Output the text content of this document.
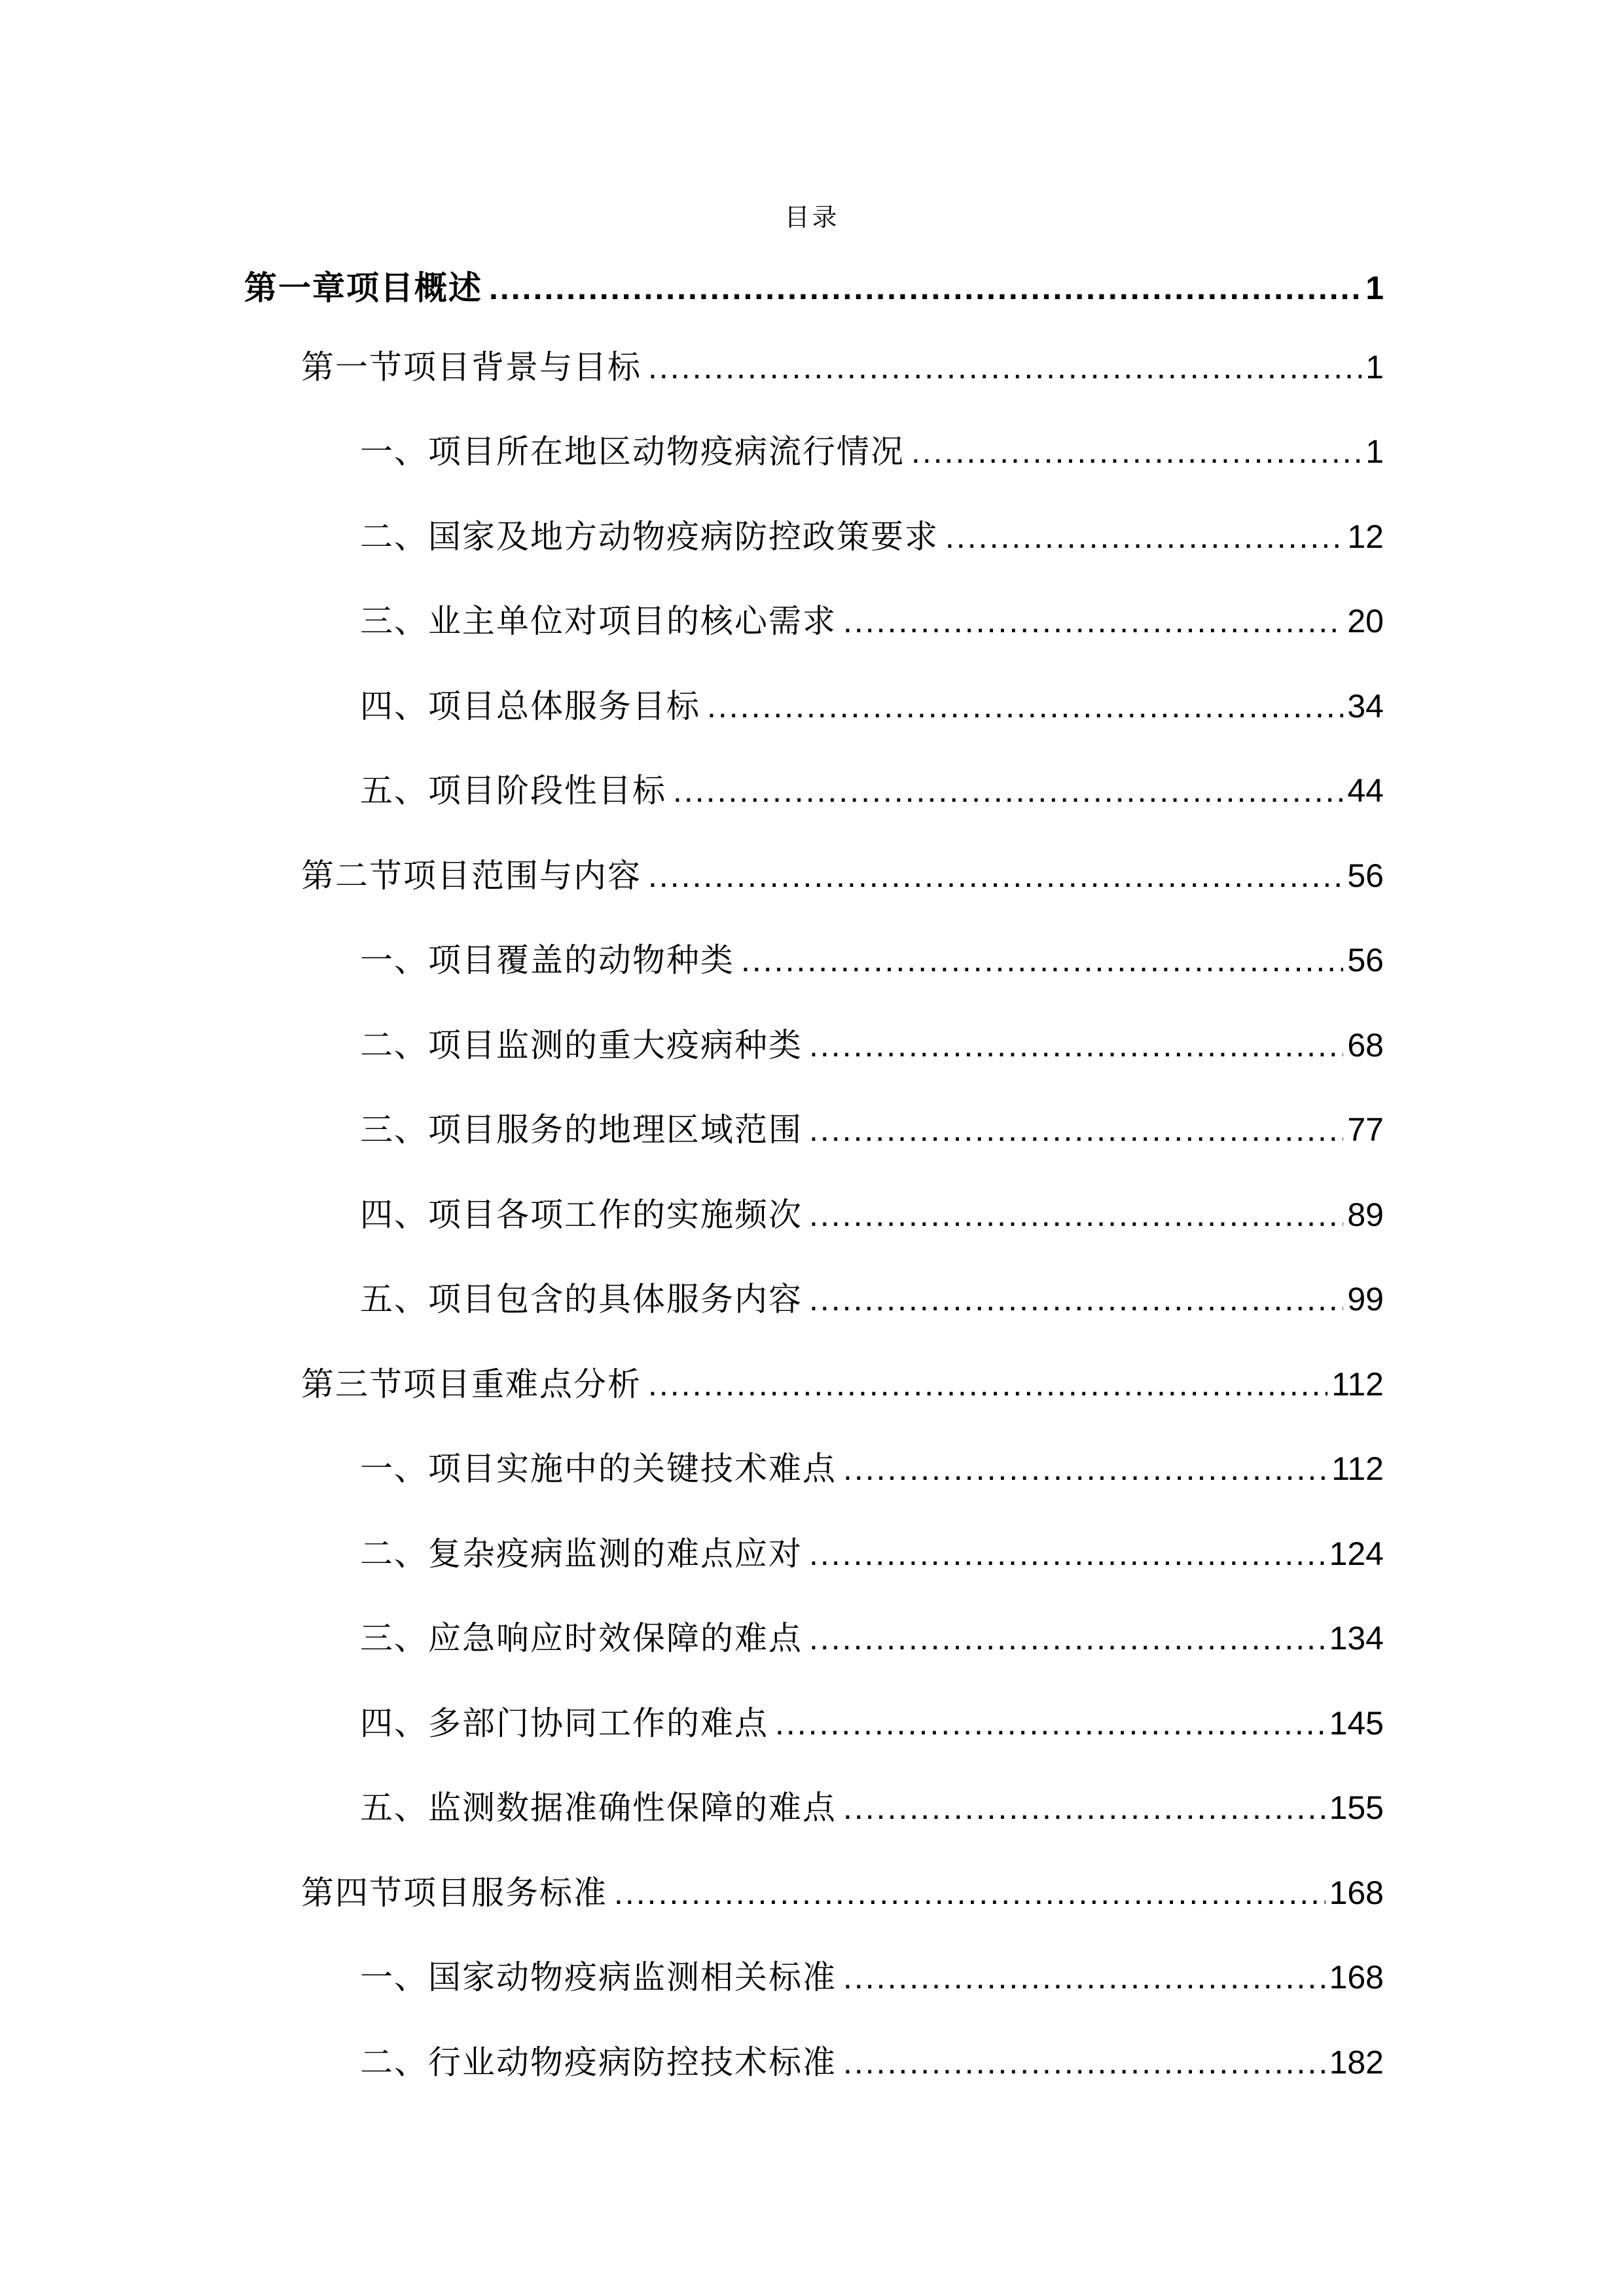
目录
第一章项目概述 .....	1
第一节项目背景与目标 .....	1
一、项目所在地区动物疫病流行情况 .....	1
二、国家及地方动物疫病防控政策要求 .....	12
三、业主单位对项目的核心需求 .....	20
四、项目总体服务目标 .....	34
五、项目阶段性目标 .....	44
第二节项目范围与内容 .....	56
一、项目覆盖的动物种类 .....	56
二、项目监测的重大疫病种类 .....	68
三、项目服务的地理区域范围 .....	77
四、项目各项工作的实施频次 .....	89
五、项目包含的具体服务内容 .....	99
第三节项目重难点分析 .....	112
一、项目实施中的关键技术难点 .....	112
二、复杂疫病监测的难点应对 .....	124
三、应急响应时效保障的难点 .....	134
四、多部门协同工作的难点 .....	145
五、监测数据准确性保障的难点 .....	155
第四节项目服务标准 .....	168
一、国家动物疫病监测相关标准 .....	168
二、行业动物疫病防控技术标准 .....	182
